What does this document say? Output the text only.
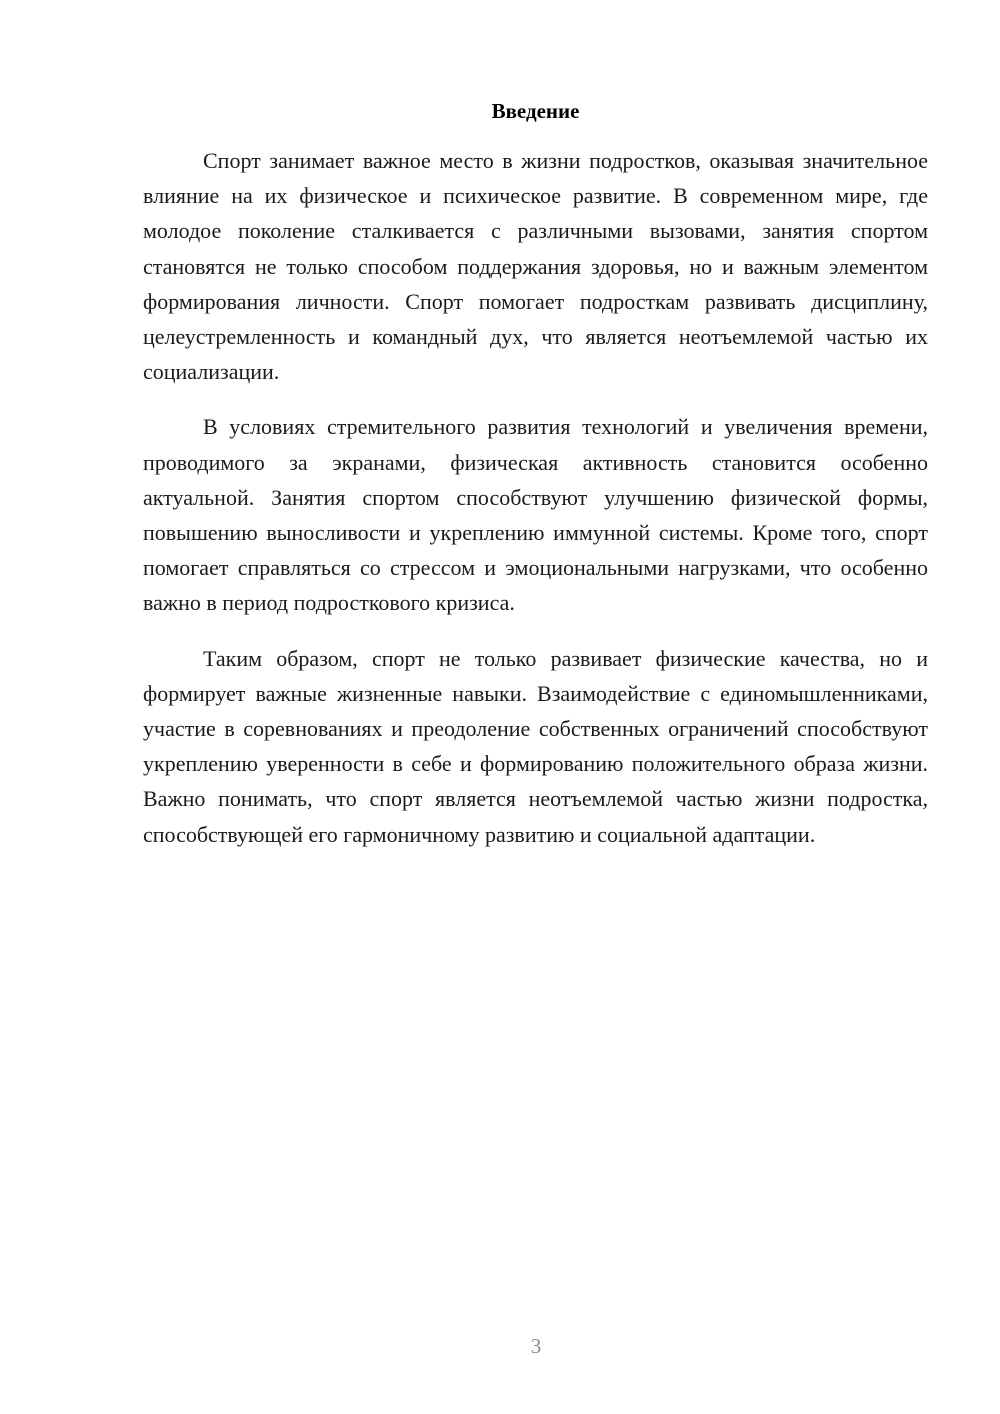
Введение

Спорт занимает важное место в жизни подростков, оказывая значительное влияние на их физическое и психическое развитие. В современном мире, где молодое поколение сталкивается с различными вызовами, занятия спортом становятся не только способом поддержания здоровья, но и важным элементом формирования личности. Спорт помогает подросткам развивать дисциплину, целеустремленность и командный дух, что является неотъемлемой частью их социализации.

В условиях стремительного развития технологий и увеличения времени, проводимого за экранами, физическая активность становится особенно актуальной. Занятия спортом способствуют улучшению физической формы, повышению выносливости и укреплению иммунной системы. Кроме того, спорт помогает справляться со стрессом и эмоциональными нагрузками, что особенно важно в период подросткового кризиса.

Таким образом, спорт не только развивает физические качества, но и формирует важные жизненные навыки. Взаимодействие с единомышленниками, участие в соревнованиях и преодоление собственных ограничений способствуют укреплению уверенности в себе и формированию положительного образа жизни. Важно понимать, что спорт является неотъемлемой частью жизни подростка, способствующей его гармоничному развитию и социальной адаптации.

3
